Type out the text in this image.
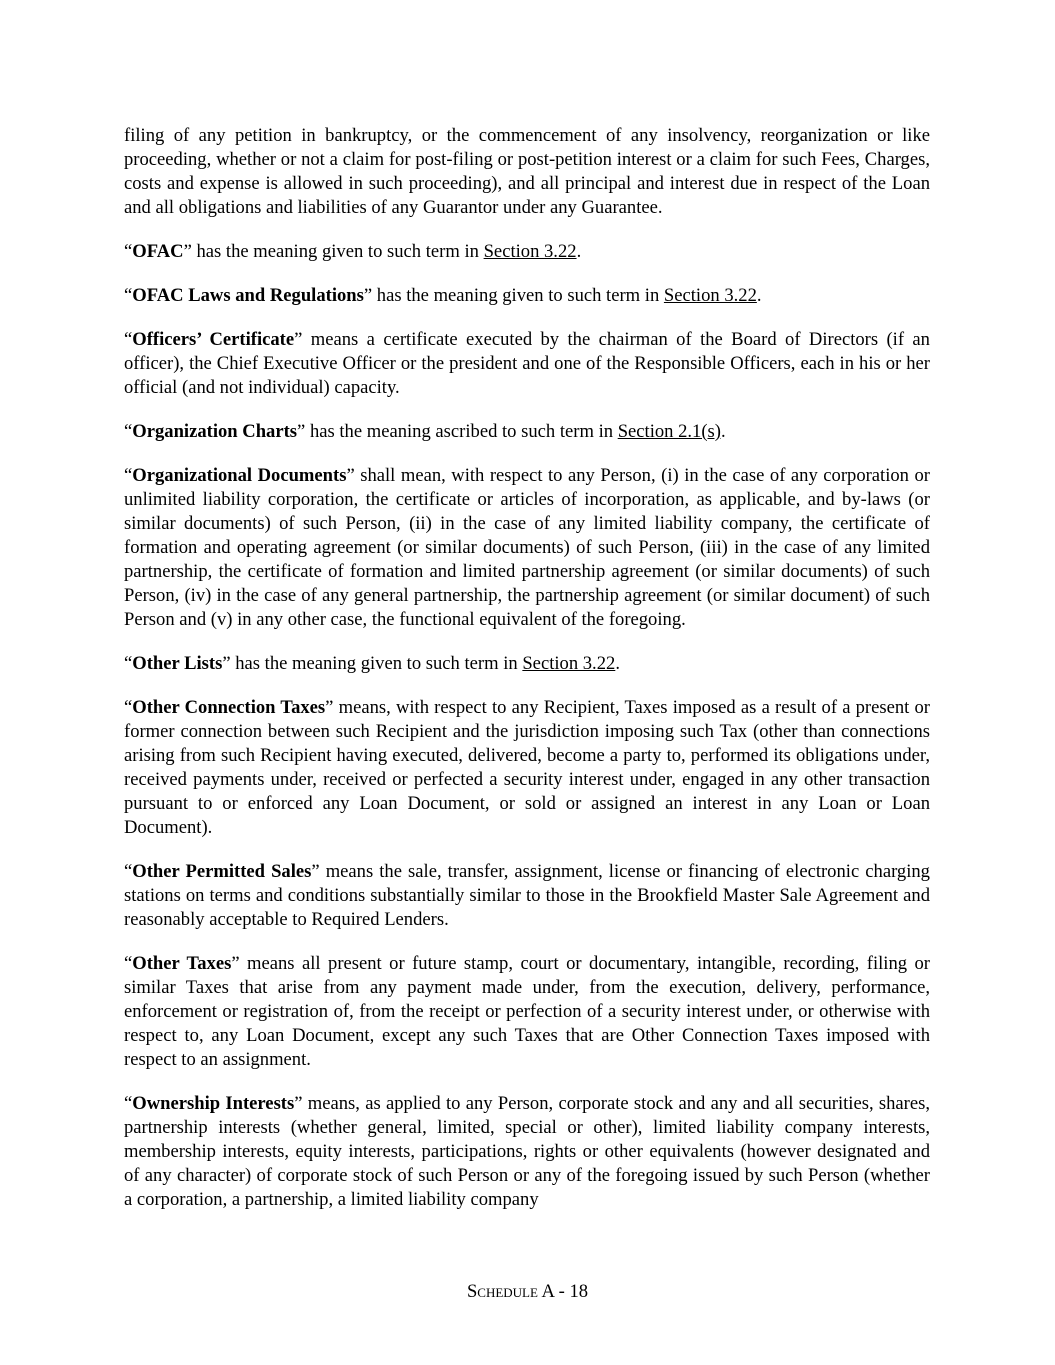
filing of any petition in bankruptcy, or the commencement of any insolvency, reorganization or like proceeding, whether or not a claim for post-filing or post-petition interest or a claim for such Fees, Charges, costs and expense is allowed in such proceeding), and all principal and interest due in respect of the Loan and all obligations and liabilities of any Guarantor under any Guarantee.

“OFAC” has the meaning given to such term in Section 3.22.

“OFAC Laws and Regulations” has the meaning given to such term in Section 3.22.

“Officers’ Certificate” means a certificate executed by the chairman of the Board of Directors (if an officer), the Chief Executive Officer or the president and one of the Responsible Officers, each in his or her official (and not individual) capacity.

“Organization Charts” has the meaning ascribed to such term in Section 2.1(s).

“Organizational Documents” shall mean, with respect to any Person, (i) in the case of any corporation or unlimited liability corporation, the certificate or articles of incorporation, as applicable, and by-laws (or similar documents) of such Person, (ii) in the case of any limited liability company, the certificate of formation and operating agreement (or similar documents) of such Person, (iii) in the case of any limited partnership, the certificate of formation and limited partnership agreement (or similar documents) of such Person, (iv) in the case of any general partnership, the partnership agreement (or similar document) of such Person and (v) in any other case, the functional equivalent of the foregoing.

“Other Lists” has the meaning given to such term in Section 3.22.

“Other Connection Taxes” means, with respect to any Recipient, Taxes imposed as a result of a present or former connection between such Recipient and the jurisdiction imposing such Tax (other than connections arising from such Recipient having executed, delivered, become a party to, performed its obligations under, received payments under, received or perfected a security interest under, engaged in any other transaction pursuant to or enforced any Loan Document, or sold or assigned an interest in any Loan or Loan Document).

“Other Permitted Sales” means the sale, transfer, assignment, license or financing of electronic charging stations on terms and conditions substantially similar to those in the Brookfield Master Sale Agreement and reasonably acceptable to Required Lenders.

“Other Taxes” means all present or future stamp, court or documentary, intangible, recording, filing or similar Taxes that arise from any payment made under, from the execution, delivery, performance, enforcement or registration of, from the receipt or perfection of a security interest under, or otherwise with respect to, any Loan Document, except any such Taxes that are Other Connection Taxes imposed with respect to an assignment.

“Ownership Interests” means, as applied to any Person, corporate stock and any and all securities, shares, partnership interests (whether general, limited, special or other), limited liability company interests, membership interests, equity interests, participations, rights or other equivalents (however designated and of any character) of corporate stock of such Person or any of the foregoing issued by such Person (whether a corporation, a partnership, a limited liability company

Schedule A - 18
